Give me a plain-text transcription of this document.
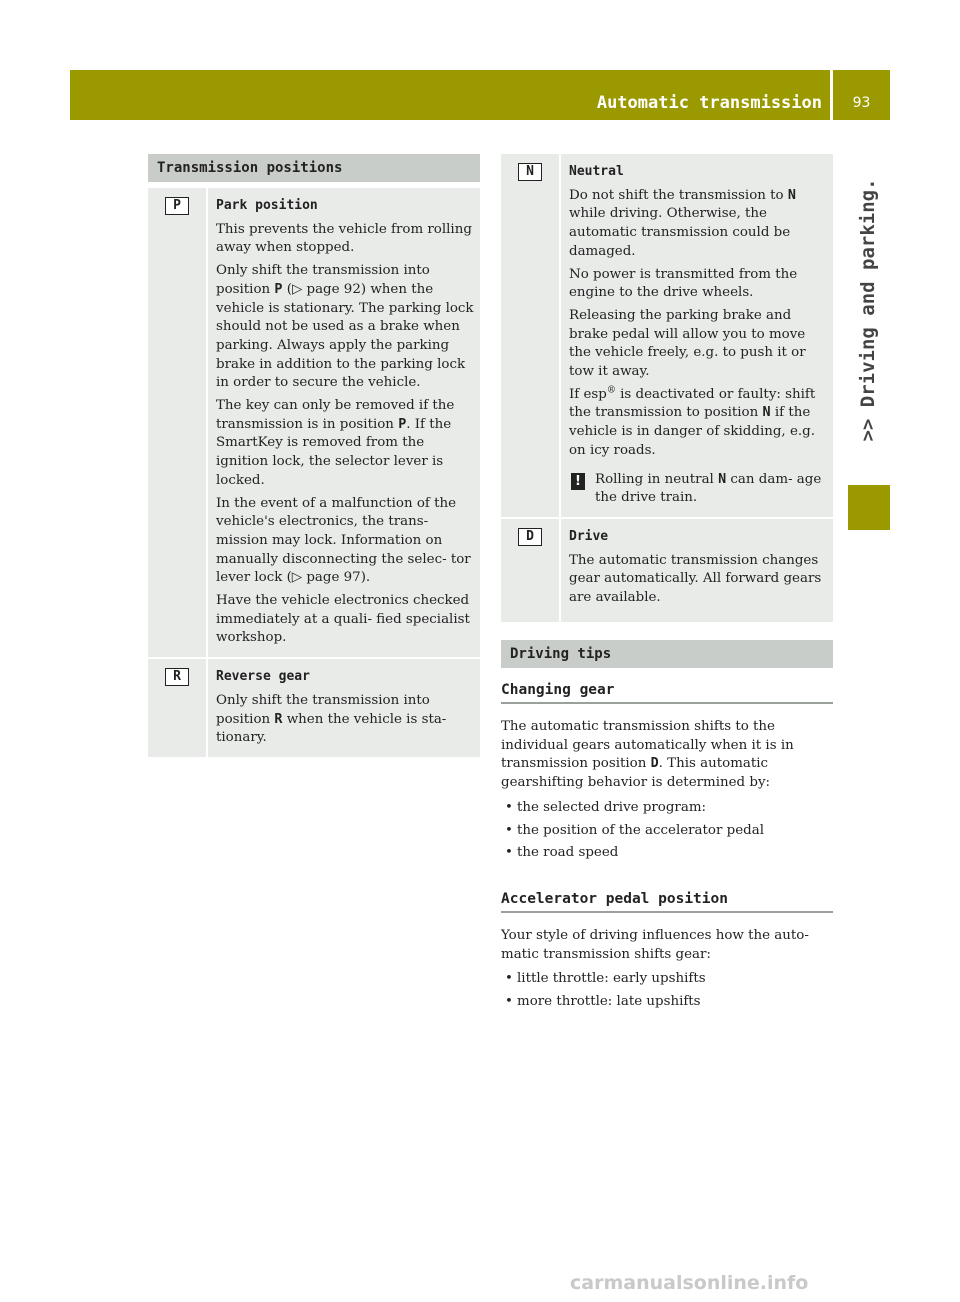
Automatic transmission	93
>> Driving and parking.
Transmission positions
P	Park position

This prevents the vehicle from rolling away when stopped.

Only shift the transmission into position P (▷ page 92) when the vehicle is stationary. The parking lock should not be used as a brake when parking. Always apply the parking brake in addition to the parking lock in order to secure the vehicle.

The key can only be removed if the transmission is in position P. If the SmartKey is removed from the ignition lock, the selector lever is locked.

In the event of a malfunction of the vehicle's electronics, the trans‐ mission may lock. Information on manually disconnecting the selec‐ tor lever lock (▷ page 97).

Have the vehicle electronics checked immediately at a quali‐ fied specialist workshop.

R	Reverse gear

Only shift the transmission into position R when the vehicle is sta‐ tionary.

N	Neutral

Do not shift the transmission to N while driving. Otherwise, the automatic transmission could be damaged.

No power is transmitted from the engine to the drive wheels.

Releasing the parking brake and brake pedal will allow you to move the vehicle freely, e.g. to push it or tow it away.

If esp® is deactivated or faulty: shift the transmission to position N if the vehicle is in danger of skidding, e.g. on icy roads.

!	Rolling in neutral N can dam‐ age the drive train.

D	Drive

The automatic transmission changes gear automatically. All forward gears are available.

Driving tips
Changing gear

The automatic transmission shifts to the individual gears automatically when it is in transmission position D. This automatic gearshifting behavior is determined by:

• the selected drive program:
• the position of the accelerator pedal
• the road speed
Accelerator pedal position

Your style of driving influences how the auto‐ matic transmission shifts gear:

• little throttle: early upshifts
• more throttle: late upshifts
carmanualsonline.info
